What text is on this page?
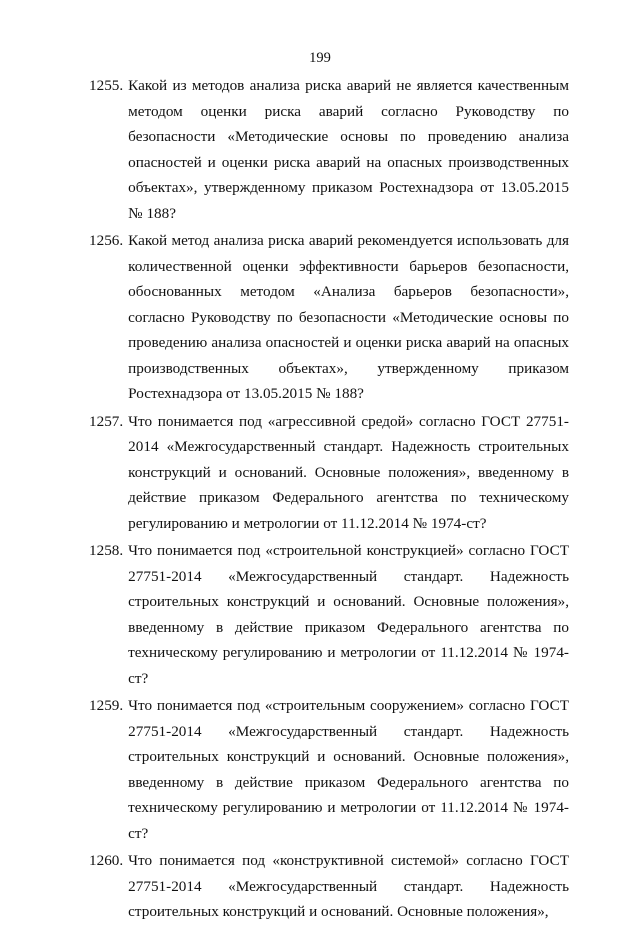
199
1255. Какой из методов анализа риска аварий не является качественным методом оценки риска аварий согласно Руководству по безопасности «Методические основы по проведению анализа опасностей и оценки риска аварий на опасных производственных объектах», утвержденному приказом Ростехнадзора от 13.05.2015 № 188?
1256. Какой метод анализа риска аварий рекомендуется использовать для количественной оценки эффективности барьеров безопасности, обоснованных методом «Анализа барьеров безопасности», согласно Руководству по безопасности «Методические основы по проведению анализа опасностей и оценки риска аварий на опасных производственных объектах», утвержденному приказом Ростехнадзора от 13.05.2015 № 188?
1257. Что понимается под «агрессивной средой» согласно ГОСТ 27751-2014 «Межгосударственный стандарт. Надежность строительных конструкций и оснований. Основные положения», введенному в действие приказом Федерального агентства по техническому регулированию и метрологии от 11.12.2014 № 1974-ст?
1258. Что понимается под «строительной конструкцией» согласно ГОСТ 27751-2014 «Межгосударственный стандарт. Надежность строительных конструкций и оснований. Основные положения», введенному в действие приказом Федерального агентства по техническому регулированию и метрологии от 11.12.2014 № 1974-ст?
1259. Что понимается под «строительным сооружением» согласно ГОСТ 27751-2014 «Межгосударственный стандарт. Надежность строительных конструкций и оснований. Основные положения», введенному в действие приказом Федерального агентства по техническому регулированию и метрологии от 11.12.2014 № 1974-ст?
1260. Что понимается под «конструктивной системой» согласно ГОСТ 27751-2014 «Межгосударственный стандарт. Надежность строительных конструкций и оснований. Основные положения»,
